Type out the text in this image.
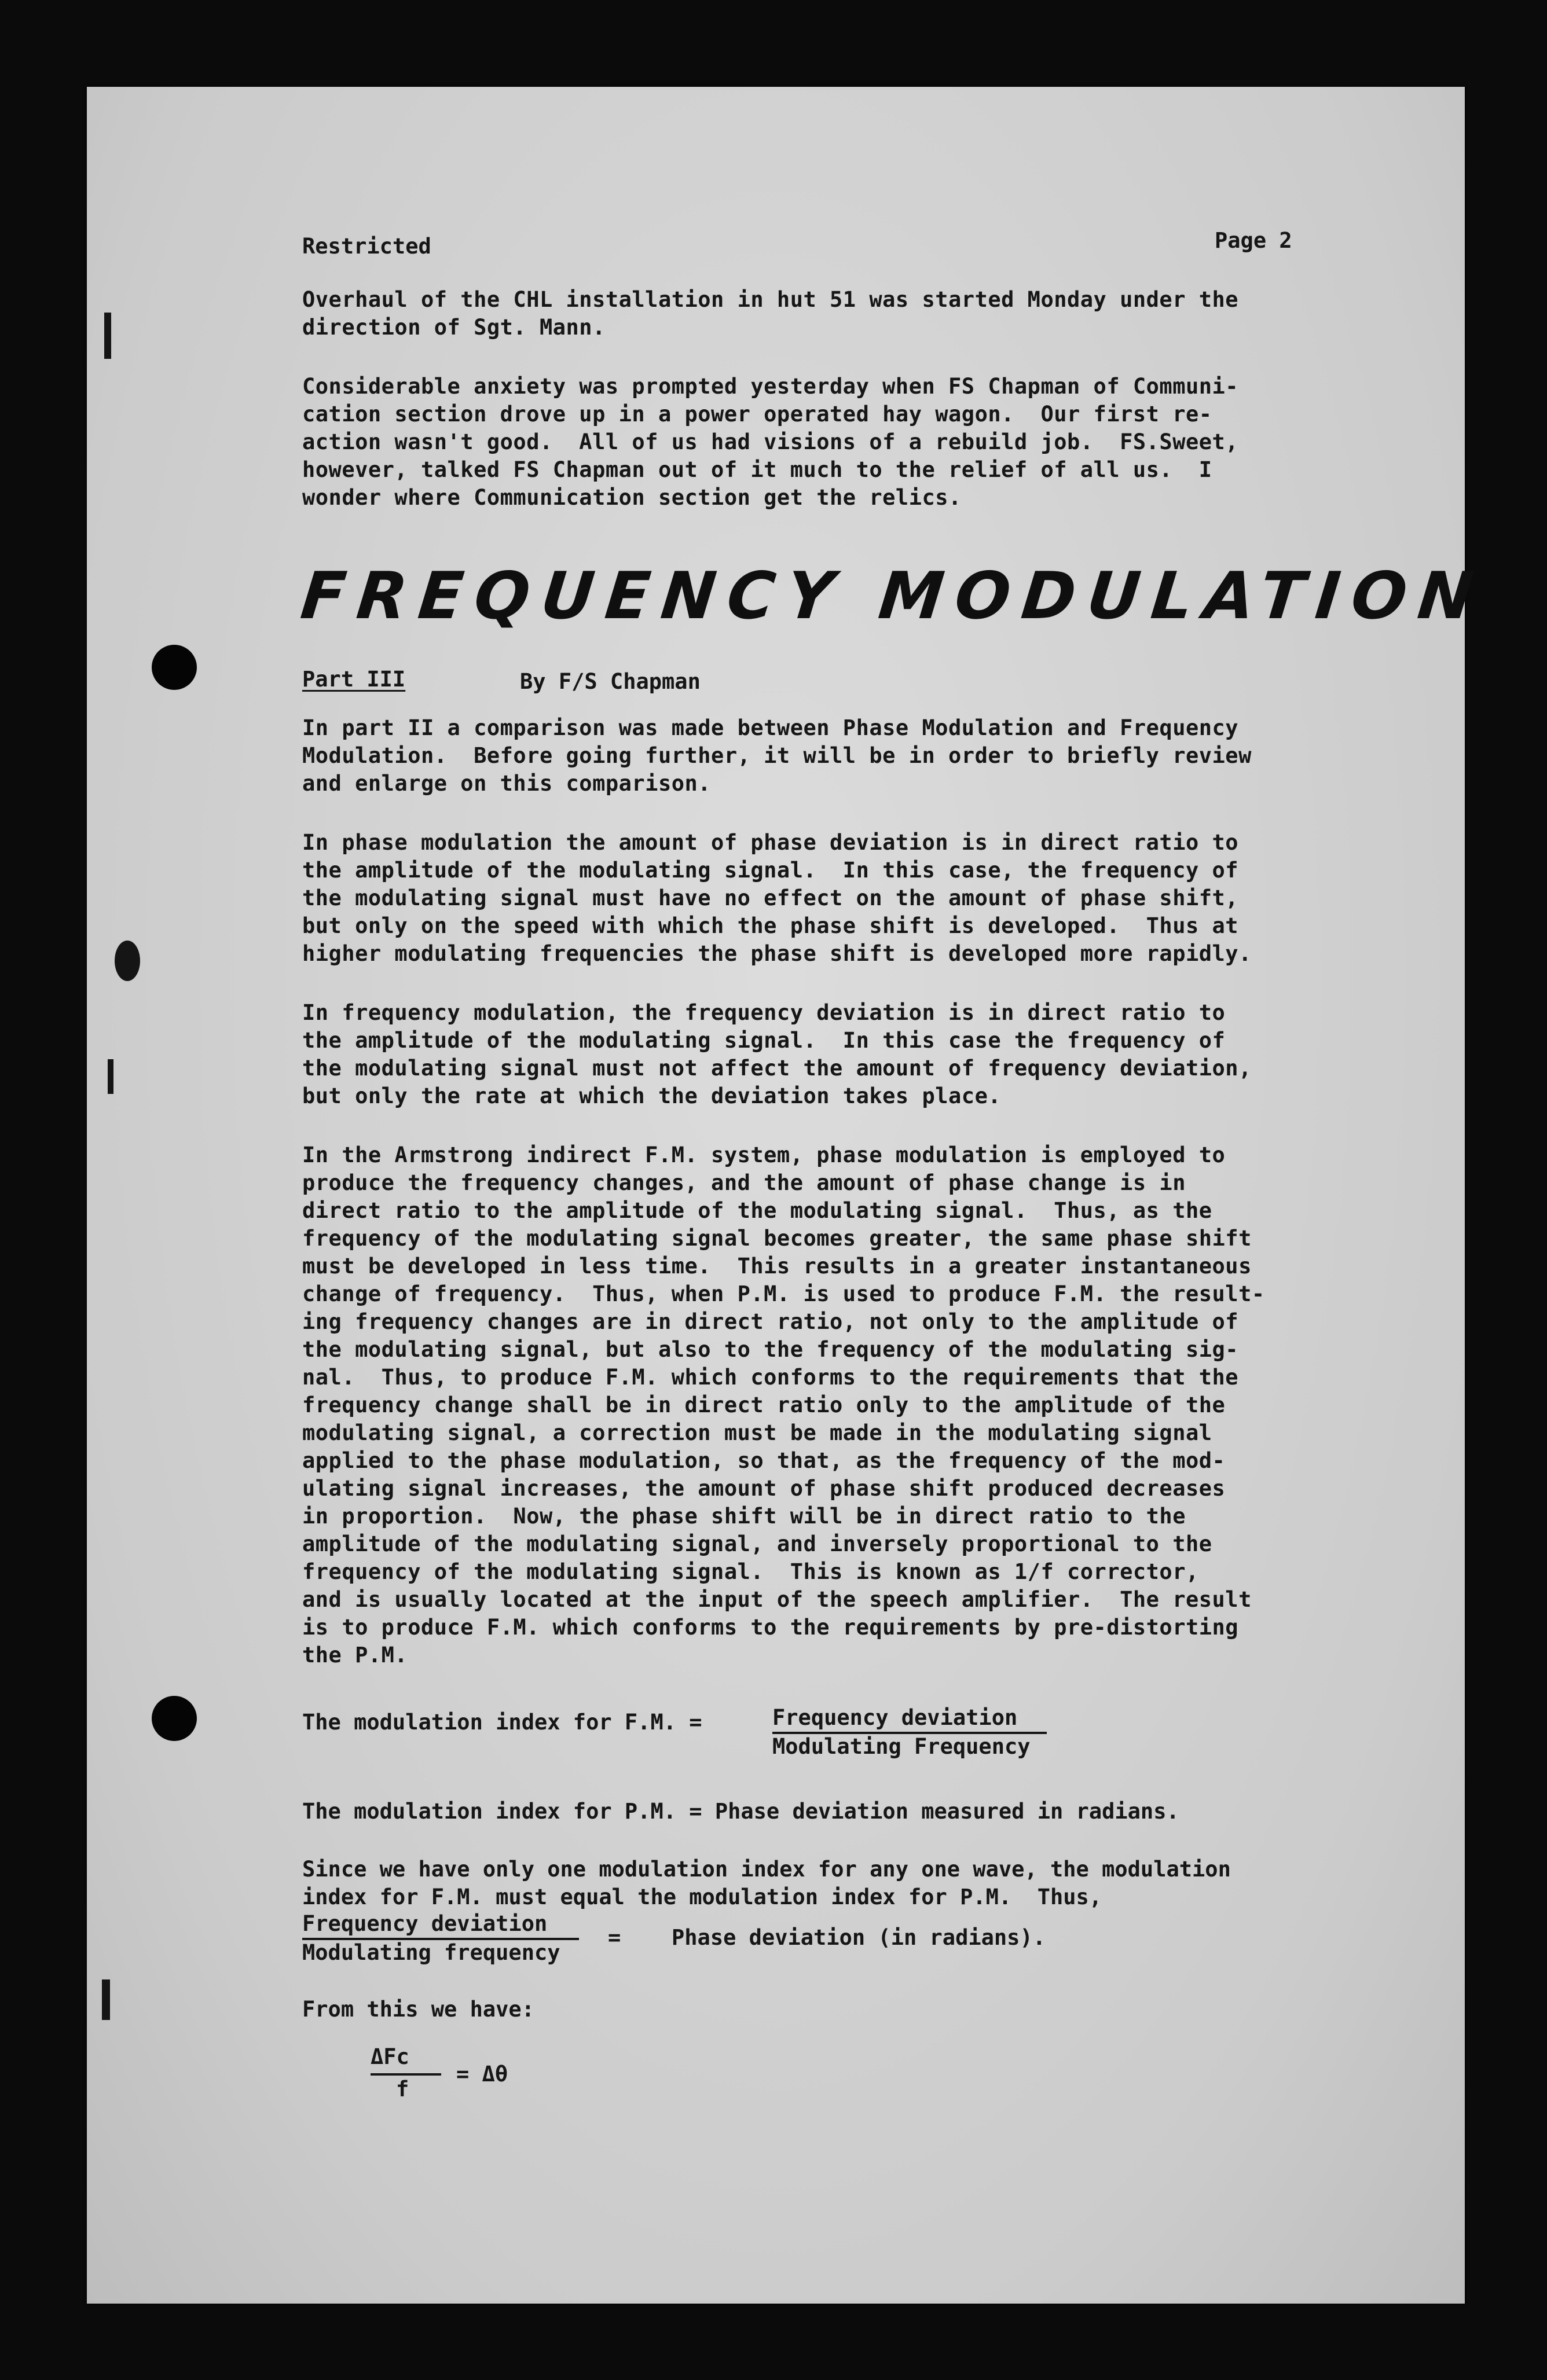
Restricted	Page 2
Overhaul of the CHL installation in hut 51 was started Monday under the
direction of Sgt. Mann.
Considerable anxiety was prompted yesterday when FS Chapman of Communi-
cation section drove up in a power operated hay wagon.  Our first re-
action wasn't good.  All of us had visions of a rebuild job.  FS.Sweet,
however, talked FS Chapman out of it much to the relief of all us.  I
wonder where Communication section get the relics.
FREQUENCY MODULATION
Part III	By F/S Chapman
In part II a comparison was made between Phase Modulation and Frequency
Modulation.  Before going further, it will be in order to briefly review
and enlarge on this comparison.
In phase modulation the amount of phase deviation is in direct ratio to
the amplitude of the modulating signal.  In this case, the frequency of
the modulating signal must have no effect on the amount of phase shift,
but only on the speed with which the phase shift is developed.  Thus at
higher modulating frequencies the phase shift is developed more rapidly.
In frequency modulation, the frequency deviation is in direct ratio to
the amplitude of the modulating signal.  In this case the frequency of
the modulating signal must not affect the amount of frequency deviation,
but only the rate at which the deviation takes place.
In the Armstrong indirect F.M. system, phase modulation is employed to
produce the frequency changes, and the amount of phase change is in
direct ratio to the amplitude of the modulating signal.  Thus, as the
frequency of the modulating signal becomes greater, the same phase shift
must be developed in less time.  This results in a greater instantaneous
change of frequency.  Thus, when P.M. is used to produce F.M. the result-
ing frequency changes are in direct ratio, not only to the amplitude of
the modulating signal, but also to the frequency of the modulating sig-
nal.  Thus, to produce F.M. which conforms to the requirements that the
frequency change shall be in direct ratio only to the amplitude of the
modulating signal, a correction must be made in the modulating signal
applied to the phase modulation, so that, as the frequency of the mod-
ulating signal increases, the amount of phase shift produced decreases
in proportion.  Now, the phase shift will be in direct ratio to the
amplitude of the modulating signal, and inversely proportional to the
frequency of the modulating signal.  This is known as 1/f corrector,
and is usually located at the input of the speech amplifier.  The result
is to produce F.M. which conforms to the requirements by pre-distorting
the P.M.
The modulation index for F.M. =	Frequency deviation
Modulating Frequency
The modulation index for P.M. = Phase deviation measured in radians.
Since we have only one modulation index for any one wave, the modulation
index for F.M. must equal the modulation index for P.M.  Thus,
Frequency deviation
Modulating frequency
= Phase deviation (in radians).
From this we have:
ΔFc
f
= Δθ
